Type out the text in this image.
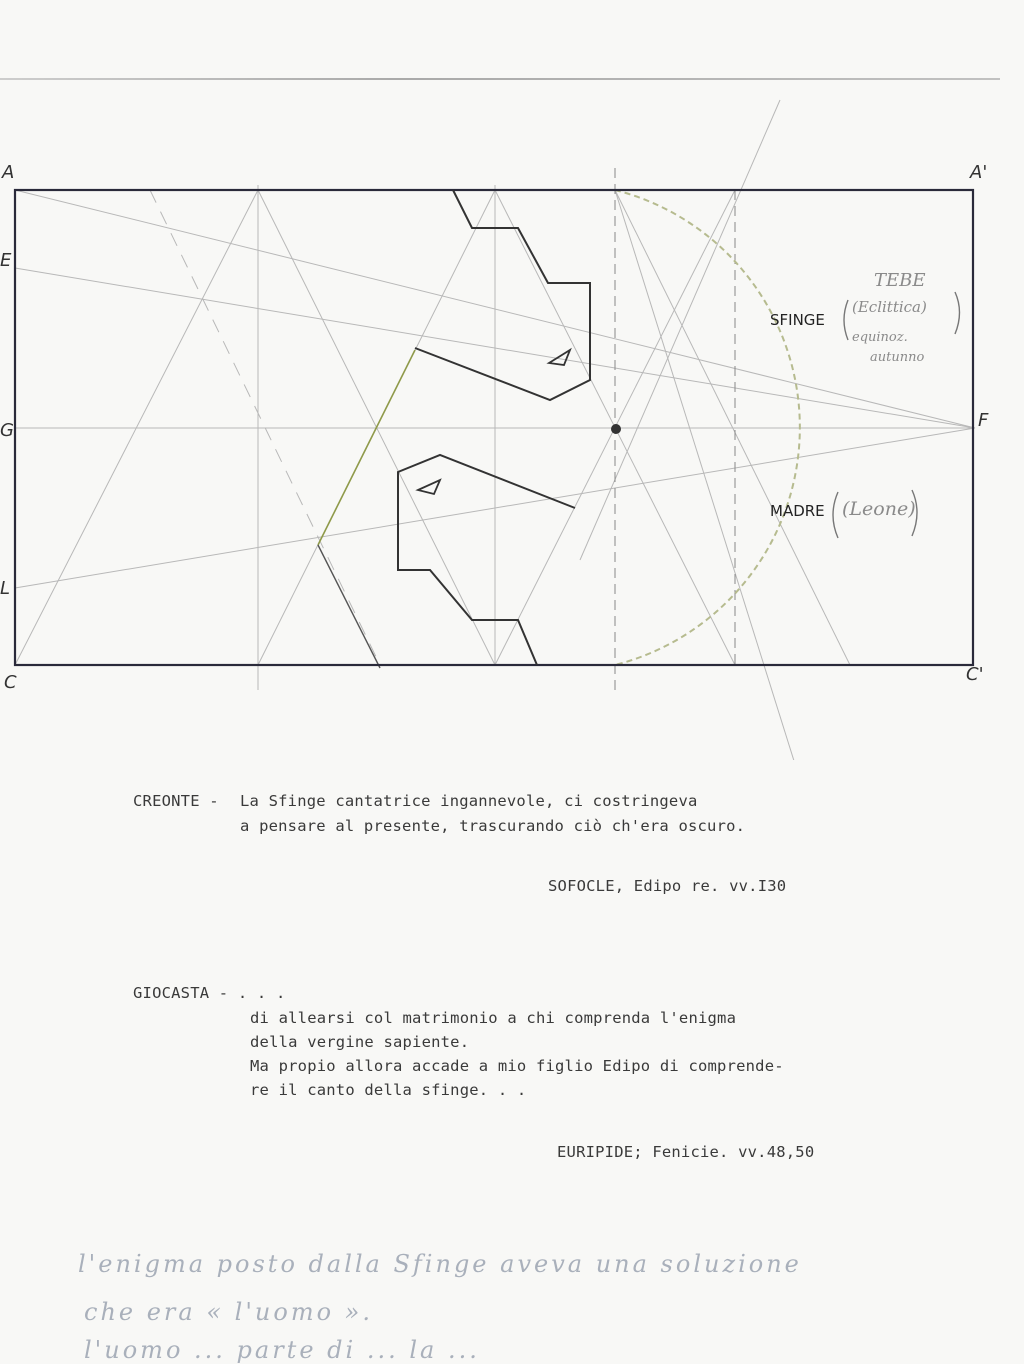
A	A'
E
G	F
L
C	C'
SFINGE
MADRE
TEBE
(Eclittica)
equinoz.
autunno
(Leone)
CREONTE - La Sfinge cantatrice ingannevole, ci costringeva
a pensare al presente, trascurando ciò ch'era oscuro.
SOFOCLE, Edipo re. vv.I30
GIOCASTA - . . .
di allearsi col matrimonio a chi comprenda l'enigma
della vergine sapiente.
Ma propio allora accade a mio figlio Edipo di comprende-
re il canto della sfinge. . .
EURIPIDE; Fenicie. vv.48,50
l'enigma posto dalla Sfinge aveva una soluzione
che era « l'uomo ».
l'uomo ... parte di ... la ...
